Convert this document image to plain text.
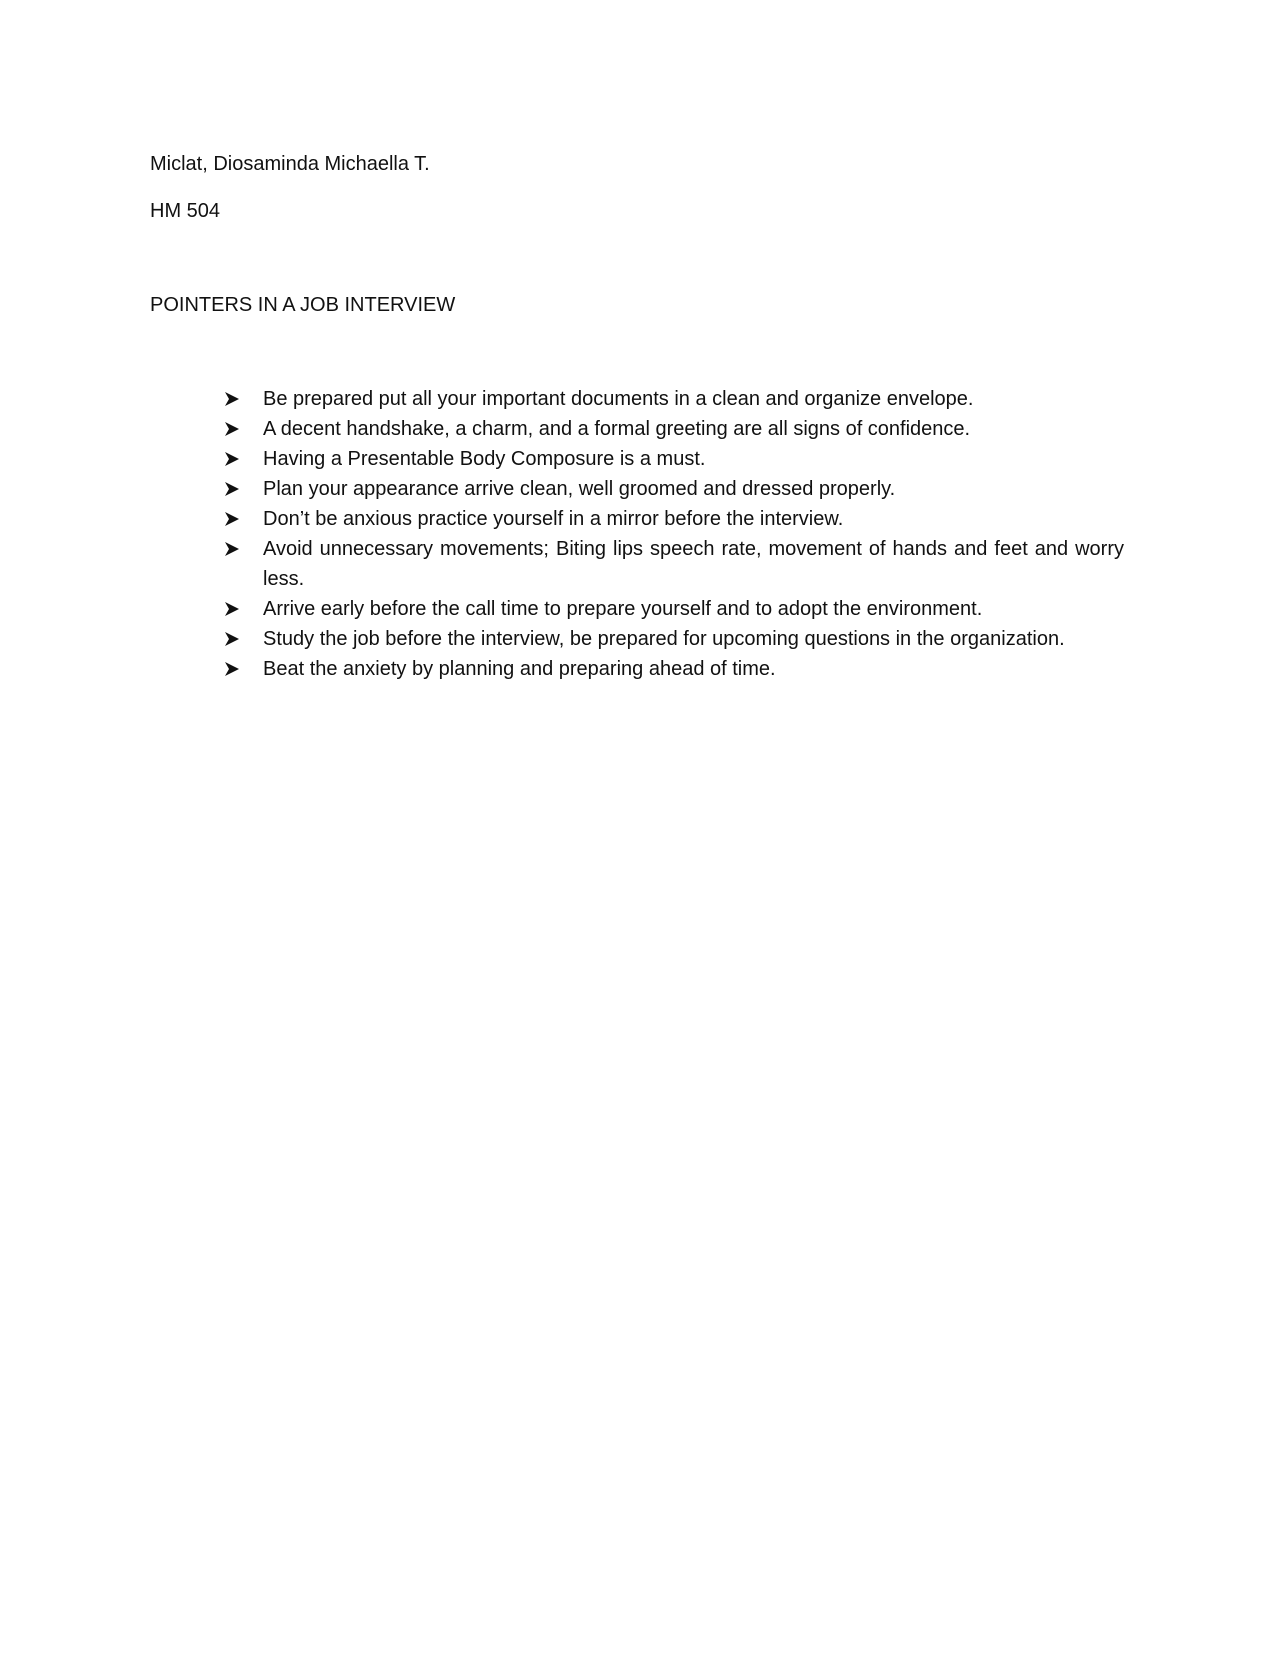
Miclat, Diosaminda Michaella T.
HM 504
POINTERS IN A JOB INTERVIEW
Be prepared put all your important documents in a clean and organize envelope.
A decent handshake, a charm, and a formal greeting are all signs of confidence.
Having a Presentable Body Composure is a must.
Plan your appearance arrive clean, well groomed and dressed properly.
Don’t be anxious practice yourself in a mirror before the interview.
Avoid unnecessary movements; Biting lips speech rate, movement of hands and feet and worry less.
Arrive early before the call time to prepare yourself and to adopt the environment.
Study the job before the interview, be prepared for upcoming questions in the organization.
Beat the anxiety by planning and preparing ahead of time.
